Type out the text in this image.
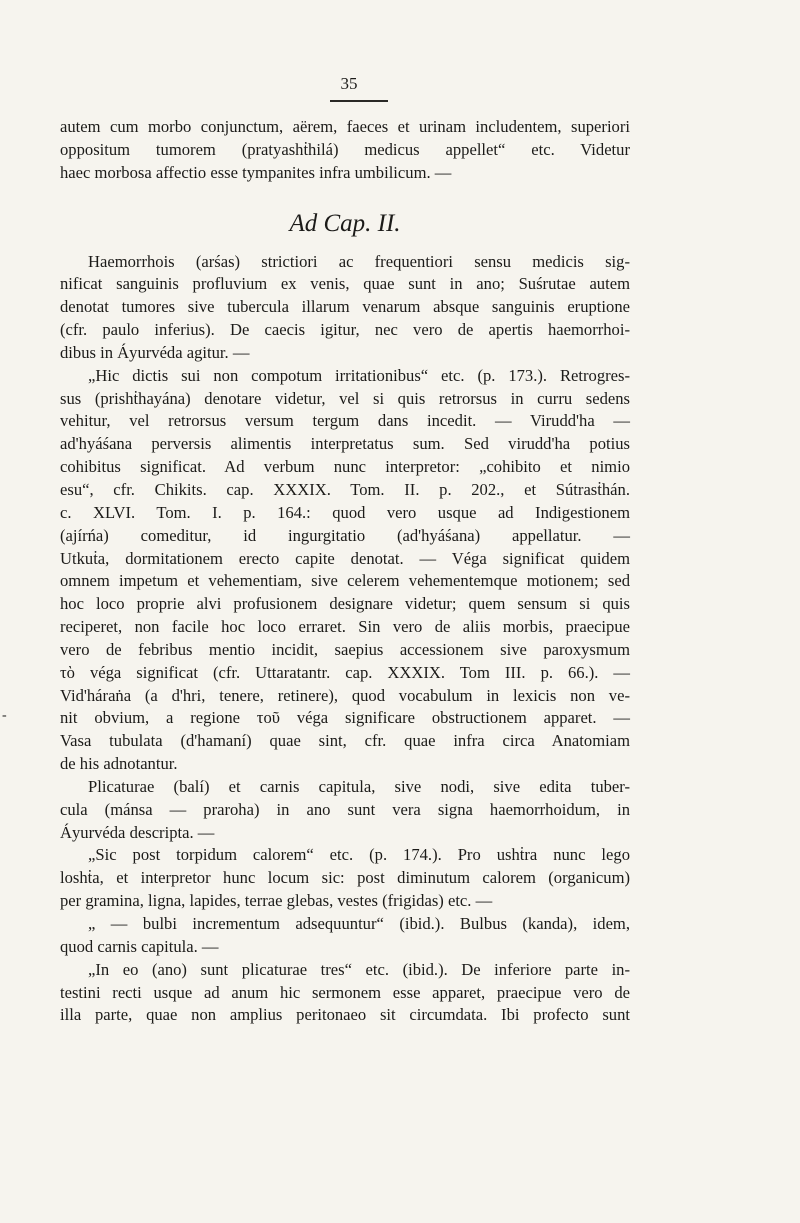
35
-
autem cum morbo conjunctum, aërem, faeces et urinam includentem, superiori
oppositum tumorem (pratyashṫhilá) medicus appellet“ etc. Videtur
haec morbosa affectio esse tympanites infra umbilicum. —
Ad Cap. II.
Haemorrhois (arśas) strictiori ac frequentiori sensu medicis sig-
nificat sanguinis profluvium ex venis, quae sunt in ano; Suśrutae autem
denotat tumores sive tubercula illarum venarum absque sanguinis eruptione
(cfr. paulo inferius). De caecis igitur, nec vero de apertis haemorrhoi-
dibus in Áyurvéda agitur. —
„Hic dictis sui non compotum irritationibus“ etc. (p. 173.). Retrogres-
sus (prishṫhayána) denotare videtur, vel si quis retrorsus in curru sedens
vehitur, vel retrorsus versum tergum dans incedit. — Virudd'ha —
ad'hyáśana perversis alimentis interpretatus sum. Sed virudd'ha potius
cohibitus significat. Ad verbum nunc interpretor: „cohibito et nimio
esu“, cfr. Chikits. cap. XXXIX. Tom. II. p. 202., et Sútrasṫhán.
c. XLVI. Tom. I. p. 164.: quod vero usque ad Indigestionem
(ajírńa) comeditur, id ingurgitatio (ad'hyáśana) appellatur. —
Utkuṫa, dormitationem erecto capite denotat. — Véga significat quidem
omnem impetum et vehementiam, sive celerem vehementemque motionem; sed
hoc loco proprie alvi profusionem designare videtur; quem sensum si quis
reciperet, non facile hoc loco erraret. Sin vero de aliis morbis, praecipue
vero de febribus mentio incidit, saepius accessionem sive paroxysmum
τὸ véga significat (cfr. Uttaratantr. cap. XXXIX. Tom III. p. 66.). —
Vid'háraṅa (a d'hri, tenere, retinere), quod vocabulum in lexicis non ve-
nit obvium, a regione τοῦ véga significare obstructionem apparet. —
Vasa tubulata (d'hamaní) quae sint, cfr. quae infra circa Anatomiam
de his adnotantur.
Plicaturae (balí) et carnis capitula, sive nodi, sive edita tuber-
cula (mánsa — praroha) in ano sunt vera signa haemorrhoidum, in
Áyurvéda descripta. —
„Sic post torpidum calorem“ etc. (p. 174.). Pro ushṫra nunc lego
loshṫa, et interpretor hunc locum sic: post diminutum calorem (organicum)
per gramina, ligna, lapides, terrae glebas, vestes (frigidas) etc. —
„ — bulbi incrementum adsequuntur“ (ibid.). Bulbus (kanda), idem,
quod carnis capitula. —
„In eo (ano) sunt plicaturae tres“ etc. (ibid.). De inferiore parte in-
testini recti usque ad anum hic sermonem esse apparet, praecipue vero de
illa parte, quae non amplius peritonaeo sit circumdata. Ibi profecto sunt
